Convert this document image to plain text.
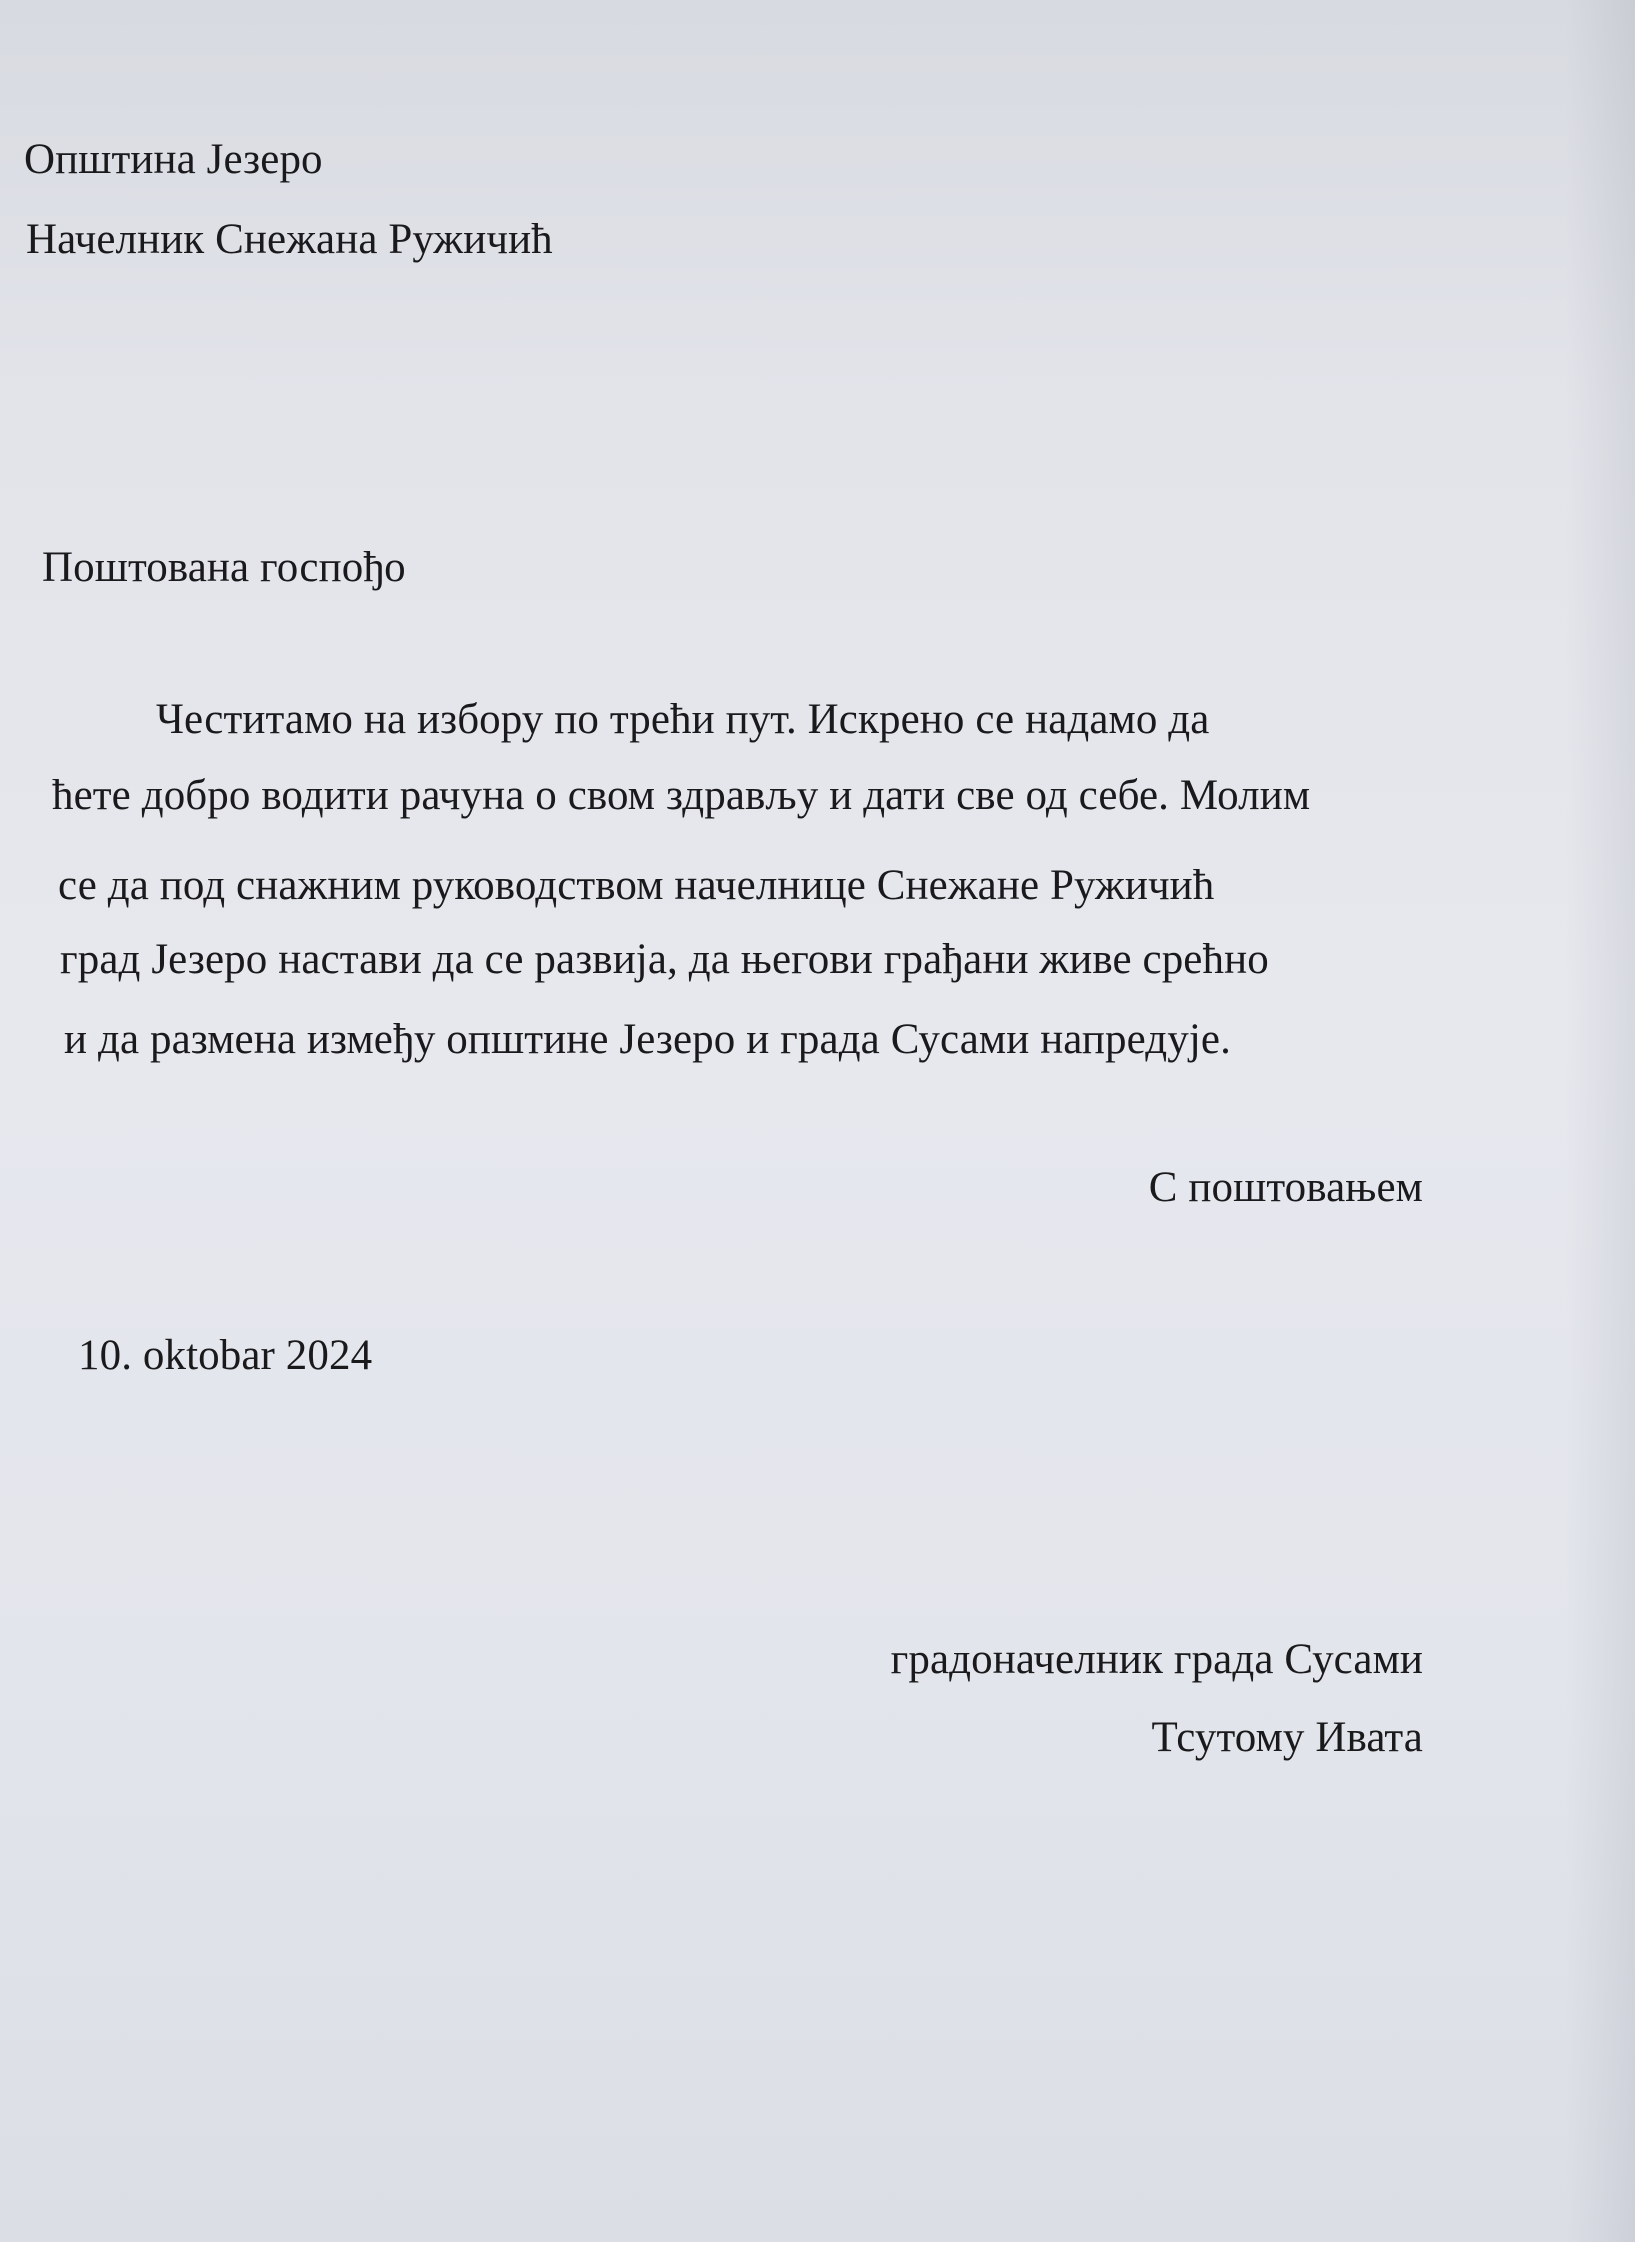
Општина Језеро
Начелник Снежана Ружичић
Поштована госпођо
Честитамо на избору по трећи пут. Искрено се надамо да
ћете добро водити рачуна о свом здрављу и дати све од себе. Молим
се да под снажним руководством начелнице Снежане Ружичић
град Језеро настави да се развија, да његови грађани живе срећно
и да размена између општине Језеро и града Сусами напредује.
С поштовањем
10. oktobar 2024
градоначелник града Сусами
Тсутому Ивата
